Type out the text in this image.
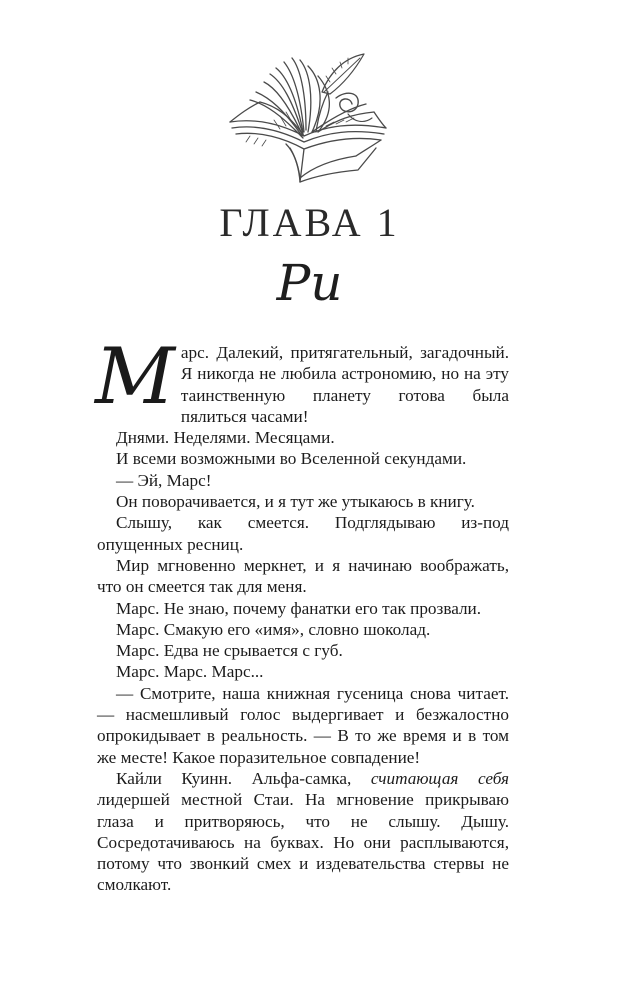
ГЛАВА 1
Ри

Марс. Далекий, притягательный, загадочный. Я никогда не любила астрономию, но на эту таинственную планету готова была пялиться часами!

Днями. Неделями. Месяцами.

И всеми возможными во Вселенной секундами.

— Эй, Марс!

Он поворачивается, и я тут же утыкаюсь в книгу.

Слышу, как смеется. Подглядываю из-под опущенных ресниц.

Мир мгновенно меркнет, и я начинаю воображать, что он смеется так для меня.

Марс. Не знаю, почему фанатки его так прозвали.

Марс. Смакую его «имя», словно шоколад.

Марс. Едва не срывается с губ.

Марс. Марс. Марс...

— Смотрите, наша книжная гусеница снова читает. — насмешливый голос выдергивает и безжалостно опрокидывает в реальность. — В то же время и в том же месте! Какое поразительное совпадение!

Кайли Куинн. Альфа-самка, считающая себя лидершей местной Стаи. На мгновение прикрываю глаза и притворяюсь, что не слышу. Дышу. Сосредотачиваюсь на буквах. Но они расплываются, потому что звонкий смех и издевательства стервы не смолкают.
